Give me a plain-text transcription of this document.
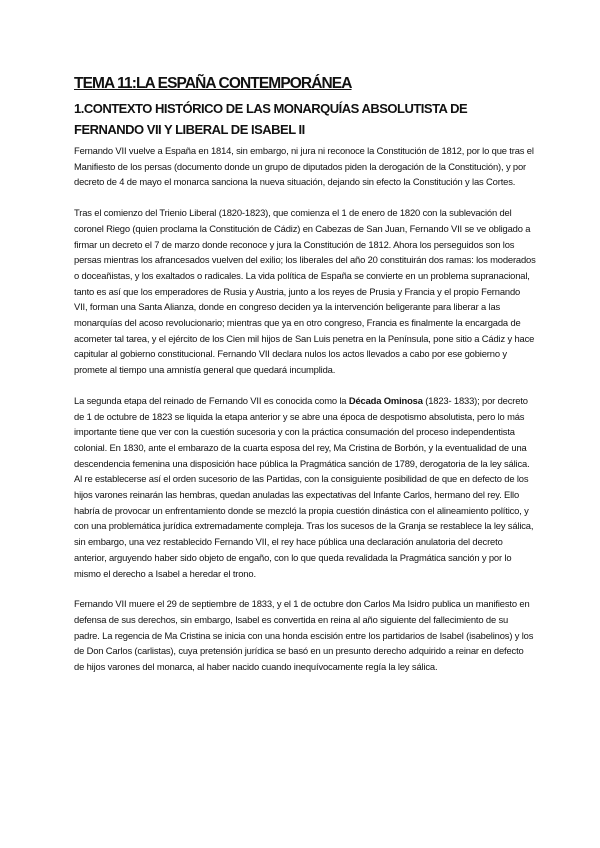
TEMA 11:LA ESPAÑA CONTEMPORÁNEA
1.CONTEXTO HISTÓRICO DE LAS MONARQUÍAS ABSOLUTISTA DE FERNANDO VII Y LIBERAL DE ISABEL II

Fernando VII vuelve a España en 1814, sin embargo, ni jura ni reconoce la Constitución de 1812, por lo que tras el Manifiesto de los persas (documento donde un grupo de diputados piden la derogación de la Constitución), y por decreto de 4 de mayo el monarca sanciona la nueva situación, dejando sin efecto la Constitución y las Cortes.

Tras el comienzo del Trienio Liberal (1820-1823), que comienza el 1 de enero de 1820 con la sublevación del coronel Riego (quien proclama la Constitución de Cádiz) en Cabezas de San Juan, Fernando VII se ve obligado a firmar un decreto el 7 de marzo donde reconoce y jura la Constitución de 1812. Ahora los perseguidos son los persas mientras los afrancesados vuelven del exilio; los liberales del año 20 constituirán dos ramas: los moderados o doceañistas, y los exaltados o radicales. La vida política de España se convierte en un problema supranacional, tanto es así que los emperadores de Rusia y Austria, junto a los reyes de Prusia y Francia y el propio Fernando VII, forman una Santa Alianza, donde en congreso deciden ya la intervención beligerante para liberar a las monarquías del acoso revolucionario; mientras que ya en otro congreso, Francia es finalmente la encargada de acometer tal tarea, y el ejército de los Cien mil hijos de San Luis penetra en la Península, pone sitio a Cádiz y hace capitular al gobierno constitucional. Fernando VII declara nulos los actos llevados a cabo por ese gobierno y promete al tiempo una amnistía general que quedará incumplida.

La segunda etapa del reinado de Fernando VII es conocida como la Década Ominosa (1823- 1833); por decreto de 1 de octubre de 1823 se liquida la etapa anterior y se abre una época de despotismo absolutista, pero lo más importante tiene que ver con la cuestión sucesoria y con la práctica consumación del proceso independentista colonial. En 1830, ante el embarazo de la cuarta esposa del rey, Ma Cristina de Borbón, y la eventualidad de una descendencia femenina una disposición hace pública la Pragmática sanción de 1789, derogatoria de la ley sálica. Al re establecerse así el orden sucesorio de las Partidas, con la consiguiente posibilidad de que en defecto de los hijos varones reinarán las hembras, quedan anuladas las expectativas del Infante Carlos, hermano del rey. Ello habría de provocar un enfrentamiento donde se mezcló la propia cuestión dinástica con el alineamiento político, y con una problemática jurídica extremadamente compleja. Tras los sucesos de la Granja se restablece la ley sálica, sin embargo, una vez restablecido Fernando VII, el rey hace pública una declaración anulatoria del decreto anterior, arguyendo haber sido objeto de engaño, con lo que queda revalidada la Pragmática sanción y por lo mismo el derecho a Isabel a heredar el trono.

Fernando VII muere el 29 de septiembre de 1833, y el 1 de octubre don Carlos Ma Isidro publica un manifiesto en defensa de sus derechos, sin embargo, Isabel es convertida en reina al año siguiente del fallecimiento de su padre. La regencia de Ma Cristina se inicia con una honda escisión entre los partidarios de Isabel (isabelinos) y los de Don Carlos (carlistas), cuya pretensión jurídica se basó en un presunto derecho adquirido a reinar en defecto de hijos varones del monarca, al haber nacido cuando inequívocamente regía la ley sálica.
